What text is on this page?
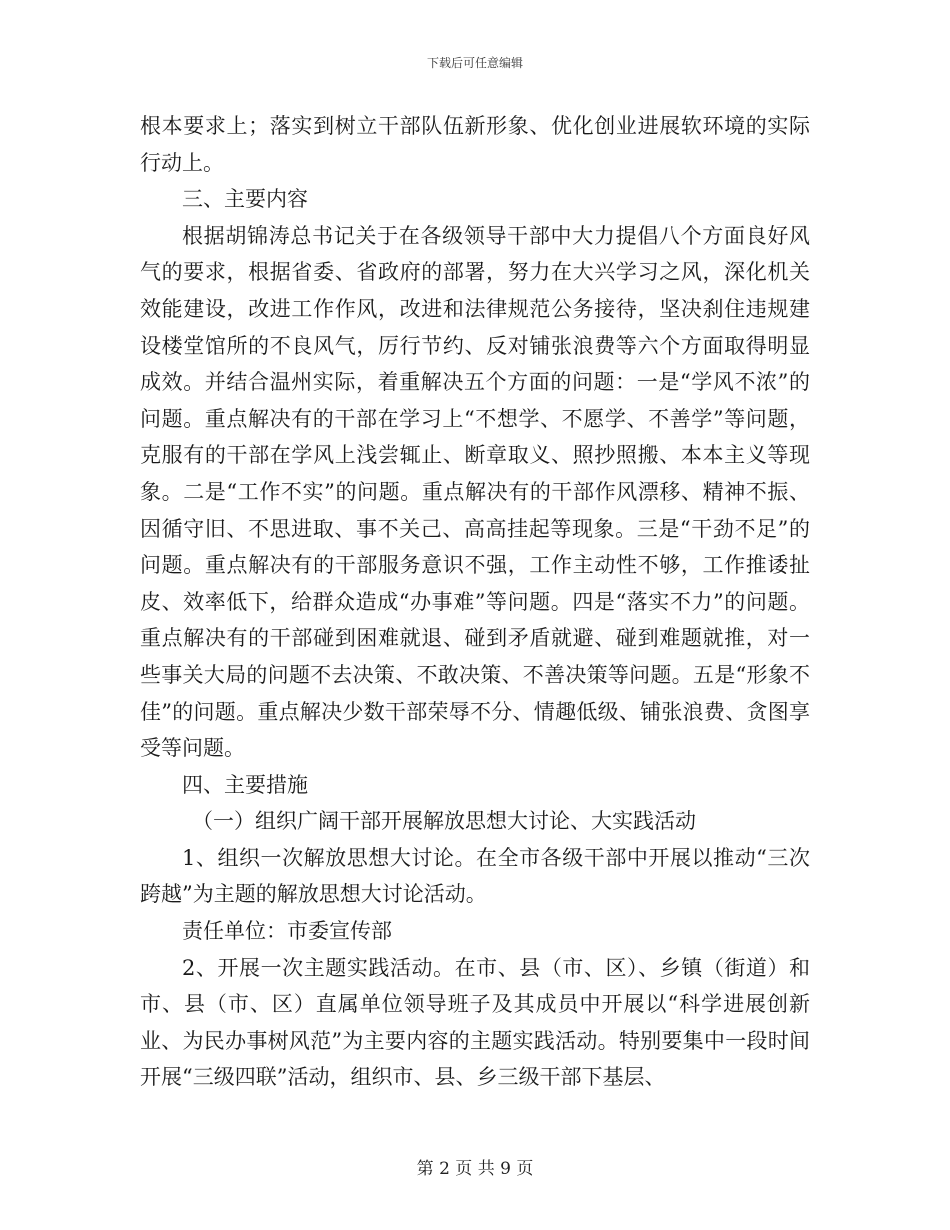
下载后可任意编辑

根本要求上；落实到树立干部队伍新形象、优化创业进展软环境的实际行动上。

三、主要内容

根据胡锦涛总书记关于在各级领导干部中大力提倡八个方面良好风气的要求，根据省委、省政府的部署，努力在大兴学习之风，深化机关效能建设，改进工作作风，改进和法律规范公务接待，坚决刹住违规建设楼堂馆所的不良风气，厉行节约、反对铺张浪费等六个方面取得明显成效。并结合温州实际，着重解决五个方面的问题：一是“学风不浓”的问题。重点解决有的干部在学习上“不想学、不愿学、不善学”等问题，克服有的干部在学风上浅尝辄止、断章取义、照抄照搬、本本主义等现象。二是“工作不实”的问题。重点解决有的干部作风漂移、精神不振、因循守旧、不思进取、事不关己、高高挂起等现象。三是“干劲不足”的问题。重点解决有的干部服务意识不强，工作主动性不够，工作推诿扯皮、效率低下，给群众造成“办事难”等问题。四是“落实不力”的问题。重点解决有的干部碰到困难就退、碰到矛盾就避、碰到难题就推，对一些事关大局的问题不去决策、不敢决策、不善决策等问题。五是“形象不佳”的问题。重点解决少数干部荣辱不分、情趣低级、铺张浪费、贪图享受等问题。

四、主要措施

（一）组织广阔干部开展解放思想大讨论、大实践活动

1、组织一次解放思想大讨论。在全市各级干部中开展以推动“三次跨越”为主题的解放思想大讨论活动。

责任单位：市委宣传部

2、开展一次主题实践活动。在市、县（市、区）、乡镇（街道）和市、县（市、区）直属单位领导班子及其成员中开展以“科学进展创新业、为民办事树风范”为主要内容的主题实践活动。特别要集中一段时间开展“三级四联”活动，组织市、县、乡三级干部下基层、

第 2 页 共 9 页
